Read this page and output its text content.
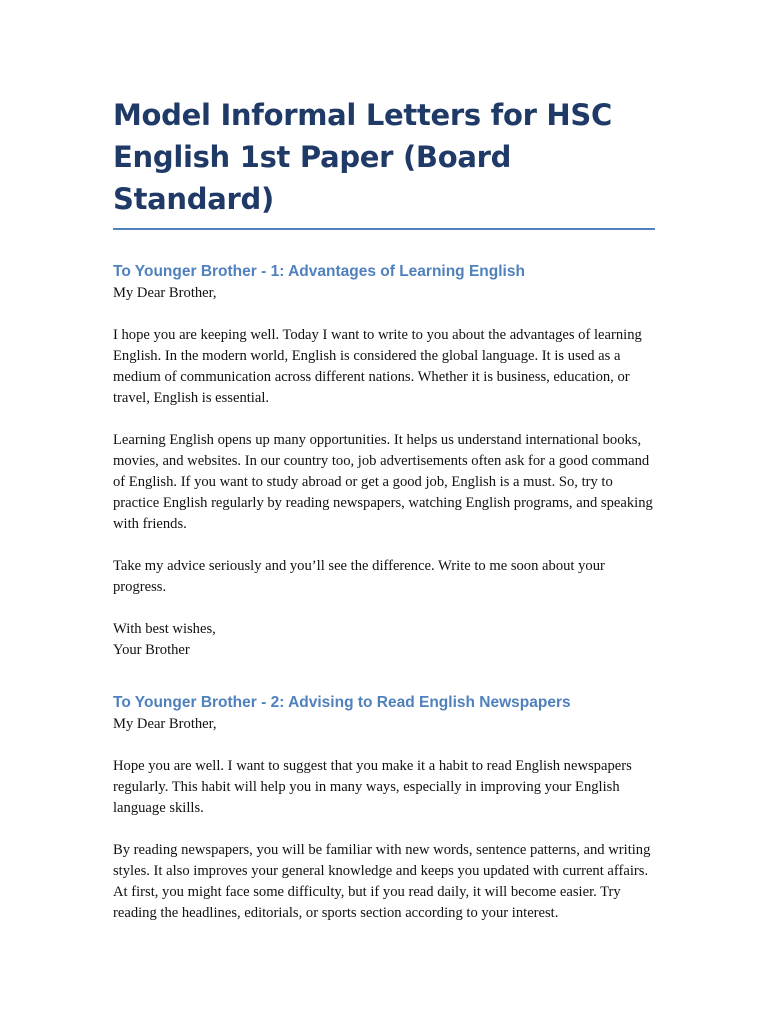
Model Informal Letters for HSC English 1st Paper (Board Standard)
To Younger Brother - 1: Advantages of Learning English

My Dear Brother,

I hope you are keeping well. Today I want to write to you about the advantages of learning English. In the modern world, English is considered the global language. It is used as a medium of communication across different nations. Whether it is business, education, or travel, English is essential.

Learning English opens up many opportunities. It helps us understand international books, movies, and websites. In our country too, job advertisements often ask for a good command of English. If you want to study abroad or get a good job, English is a must. So, try to practice English regularly by reading newspapers, watching English programs, and speaking with friends.

Take my advice seriously and you’ll see the difference. Write to me soon about your progress.

With best wishes,

Your Brother

To Younger Brother - 2: Advising to Read English Newspapers

My Dear Brother,

Hope you are well. I want to suggest that you make it a habit to read English newspapers regularly. This habit will help you in many ways, especially in improving your English language skills.

By reading newspapers, you will be familiar with new words, sentence patterns, and writing styles. It also improves your general knowledge and keeps you updated with current affairs. At first, you might face some difficulty, but if you read daily, it will become easier. Try reading the headlines, editorials, or sports section according to your interest.
